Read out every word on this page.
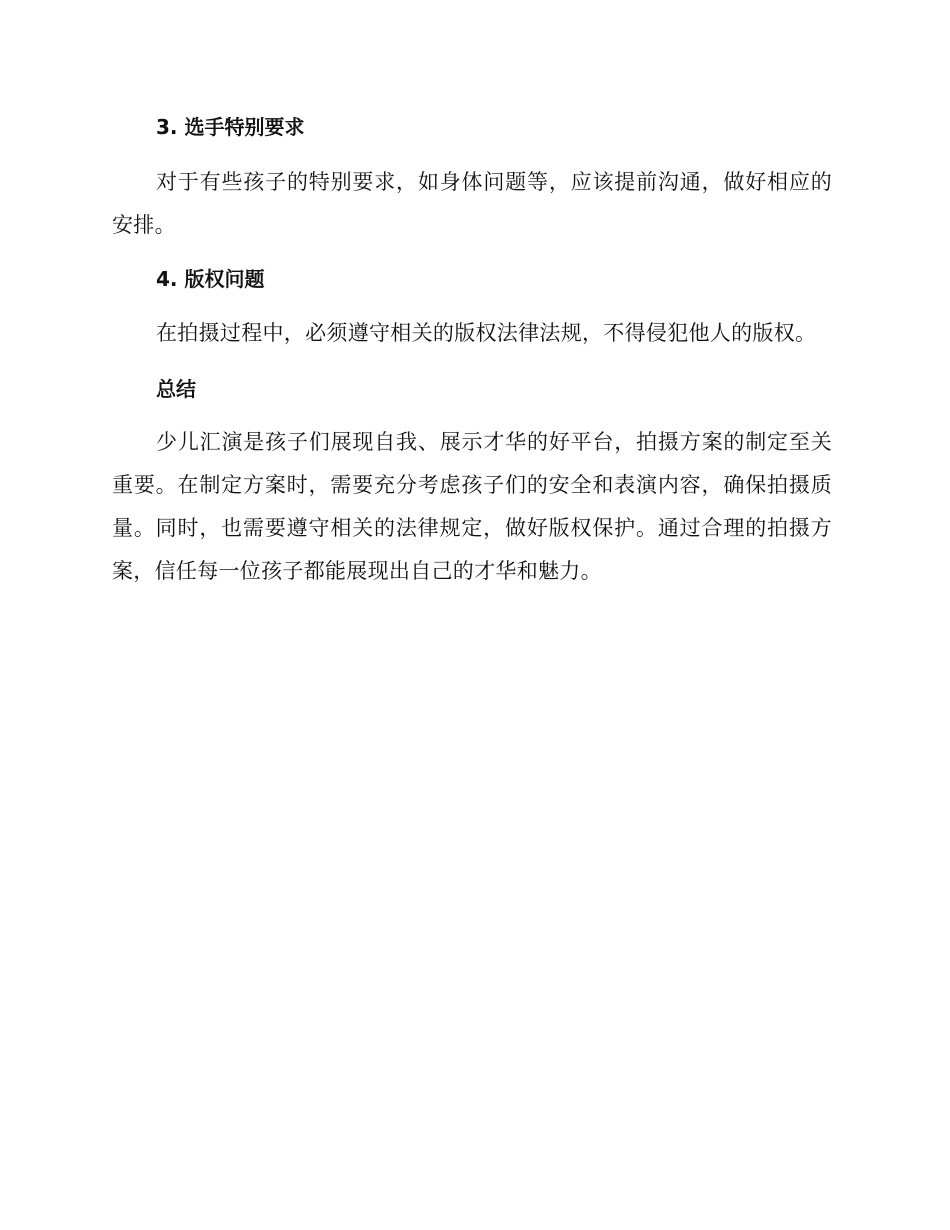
3. 选手特别要求

对于有些孩子的特别要求，如身体问题等，应该提前沟通，做好相应的安排。

4. 版权问题

在拍摄过程中，必须遵守相关的版权法律法规，不得侵犯他人的版权。

总结

少儿汇演是孩子们展现自我、展示才华的好平台，拍摄方案的制定至关重要。在制定方案时，需要充分考虑孩子们的安全和表演内容，确保拍摄质量。同时，也需要遵守相关的法律规定，做好版权保护。通过合理的拍摄方案，信任每一位孩子都能展现出自己的才华和魅力。
